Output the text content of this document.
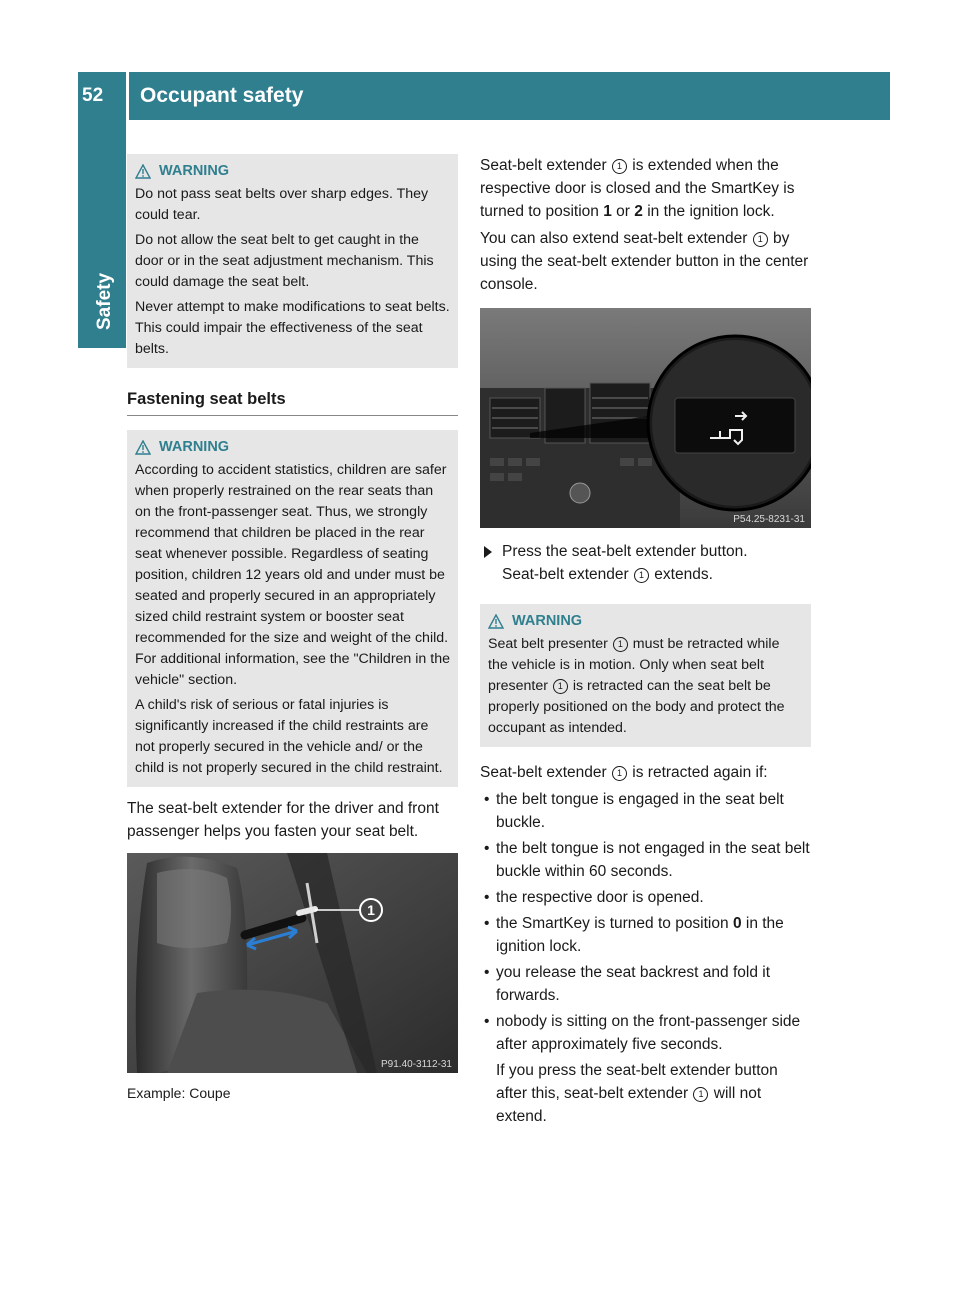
52	Occupant safety
Safety
WARNING

Do not pass seat belts over sharp edges. They could tear.

Do not allow the seat belt to get caught in the door or in the seat adjustment mechanism. This could damage the seat belt.

Never attempt to make modifications to seat belts. This could impair the effectiveness of the seat belts.

Fastening seat belts
WARNING

According to accident statistics, children are safer when properly restrained on the rear seats than on the front-passenger seat. Thus, we strongly recommend that children be placed in the rear seat whenever possible. Regardless of seating position, children 12 years old and under must be seated and properly secured in an appropriately sized child restraint system or booster seat recommended for the size and weight of the child. For additional information, see the "Children in the vehicle" section.

A child's risk of serious or fatal injuries is significantly increased if the child restraints are not properly secured in the vehicle and/ or the child is not properly secured in the child restraint.

The seat-belt extender for the driver and front passenger helps you fasten your seat belt.

1
P91.40-3112-31
Example: Coupe

Seat-belt extender 1 is extended when the respective door is closed and the SmartKey is turned to position 1 or 2 in the ignition lock.

You can also extend seat-belt extender 1 by using the seat-belt extender button in the center console.

P54.25-8231-31
Press the seat-belt extender button.
Seat-belt extender 1 extends.
WARNING

Seat belt presenter 1 must be retracted while the vehicle is in motion. Only when seat belt presenter 1 is retracted can the seat belt be properly positioned on the body and protect the occupant as intended.

Seat-belt extender 1 is retracted again if:

• the belt tongue is engaged in the seat belt buckle.
• the belt tongue is not engaged in the seat belt buckle within 60 seconds.
• the respective door is opened.
• the SmartKey is turned to position 0 in the ignition lock.
• you release the seat backrest and fold it forwards.
• nobody is sitting on the front-passenger side after approximately five seconds.
If you press the seat-belt extender button after this, seat-belt extender 1 will not extend.
